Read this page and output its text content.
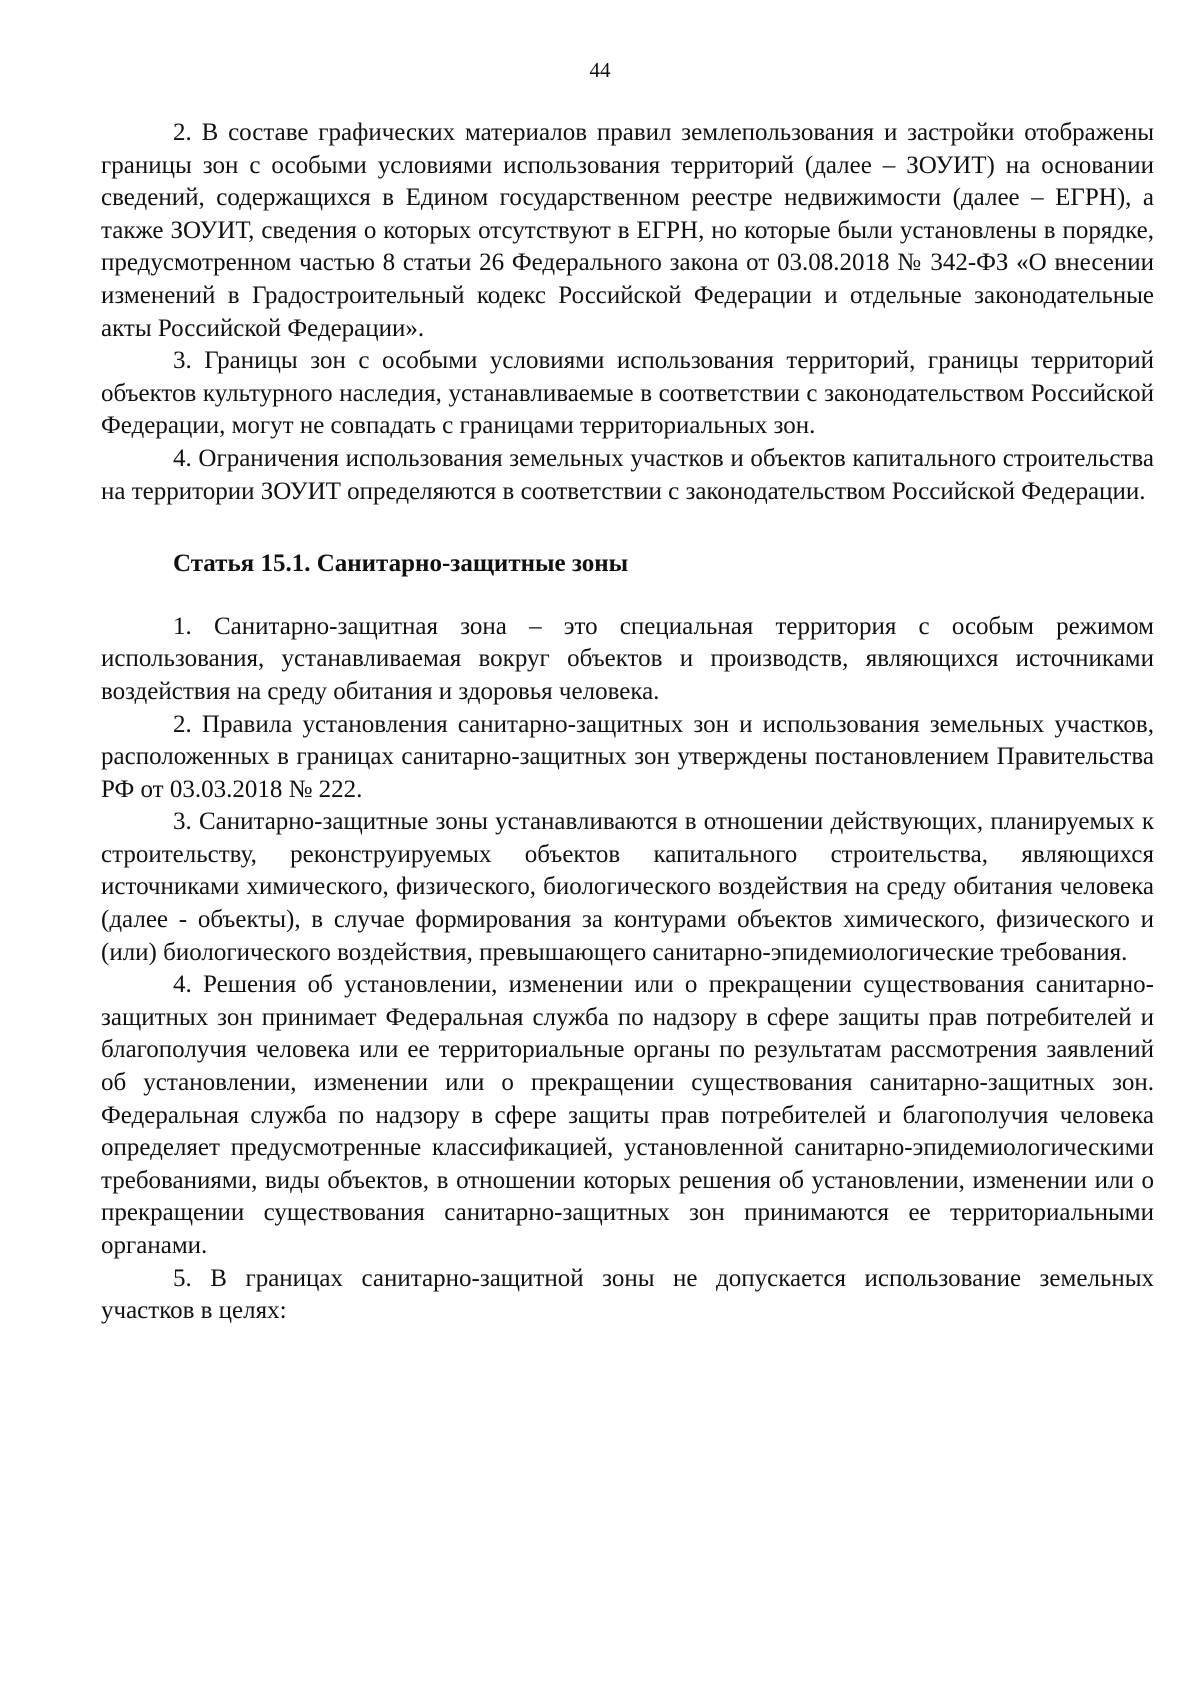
44

2. В составе графических материалов правил землепользования и застройки отображены границы зон с особыми условиями использования территорий (далее – ЗОУИТ) на основании сведений, содержащихся в Едином государственном реестре недвижимости (далее – ЕГРН), а также ЗОУИТ, сведения о которых отсутствуют в ЕГРН, но которые были установлены в порядке, предусмотренном частью 8 статьи 26 Федерального закона от 03.08.2018 № 342-ФЗ «О внесении изменений в Градостроительный кодекс Российской Федерации и отдельные законодательные акты Российской Федерации».

3. Границы зон с особыми условиями использования территорий, границы территорий объектов культурного наследия, устанавливаемые в соответствии с законодательством Российской Федерации, могут не совпадать с границами территориальных зон.

4. Ограничения использования земельных участков и объектов капитального строительства на территории ЗОУИТ определяются в соответствии с законодательством Российской Федерации.

Статья 15.1. Санитарно-защитные зоны

1. Санитарно-защитная зона – это специальная территория с особым режимом использования, устанавливаемая вокруг объектов и производств, являющихся источниками воздействия на среду обитания и здоровья человека.

2. Правила установления санитарно-защитных зон и использования земельных участков, расположенных в границах санитарно-защитных зон утверждены постановлением Правительства РФ от 03.03.2018 № 222.

3. Санитарно-защитные зоны устанавливаются в отношении действующих, планируемых к строительству, реконструируемых объектов капитального строительства, являющихся источниками химического, физического, биологического воздействия на среду обитания человека (далее - объекты), в случае формирования за контурами объектов химического, физического и (или) биологического воздействия, превышающего санитарно-эпидемиологические требования.

4. Решения об установлении, изменении или о прекращении существования санитарно-защитных зон принимает Федеральная служба по надзору в сфере защиты прав потребителей и благополучия человека или ее территориальные органы по результатам рассмотрения заявлений об установлении, изменении или о прекращении существования санитарно-защитных зон. Федеральная служба по надзору в сфере защиты прав потребителей и благополучия человека определяет предусмотренные классификацией, установленной санитарно-эпидемиологическими требованиями, виды объектов, в отношении которых решения об установлении, изменении или о прекращении существования санитарно-защитных зон принимаются ее территориальными органами.

5. В границах санитарно-защитной зоны не допускается использование земельных участков в целях:
